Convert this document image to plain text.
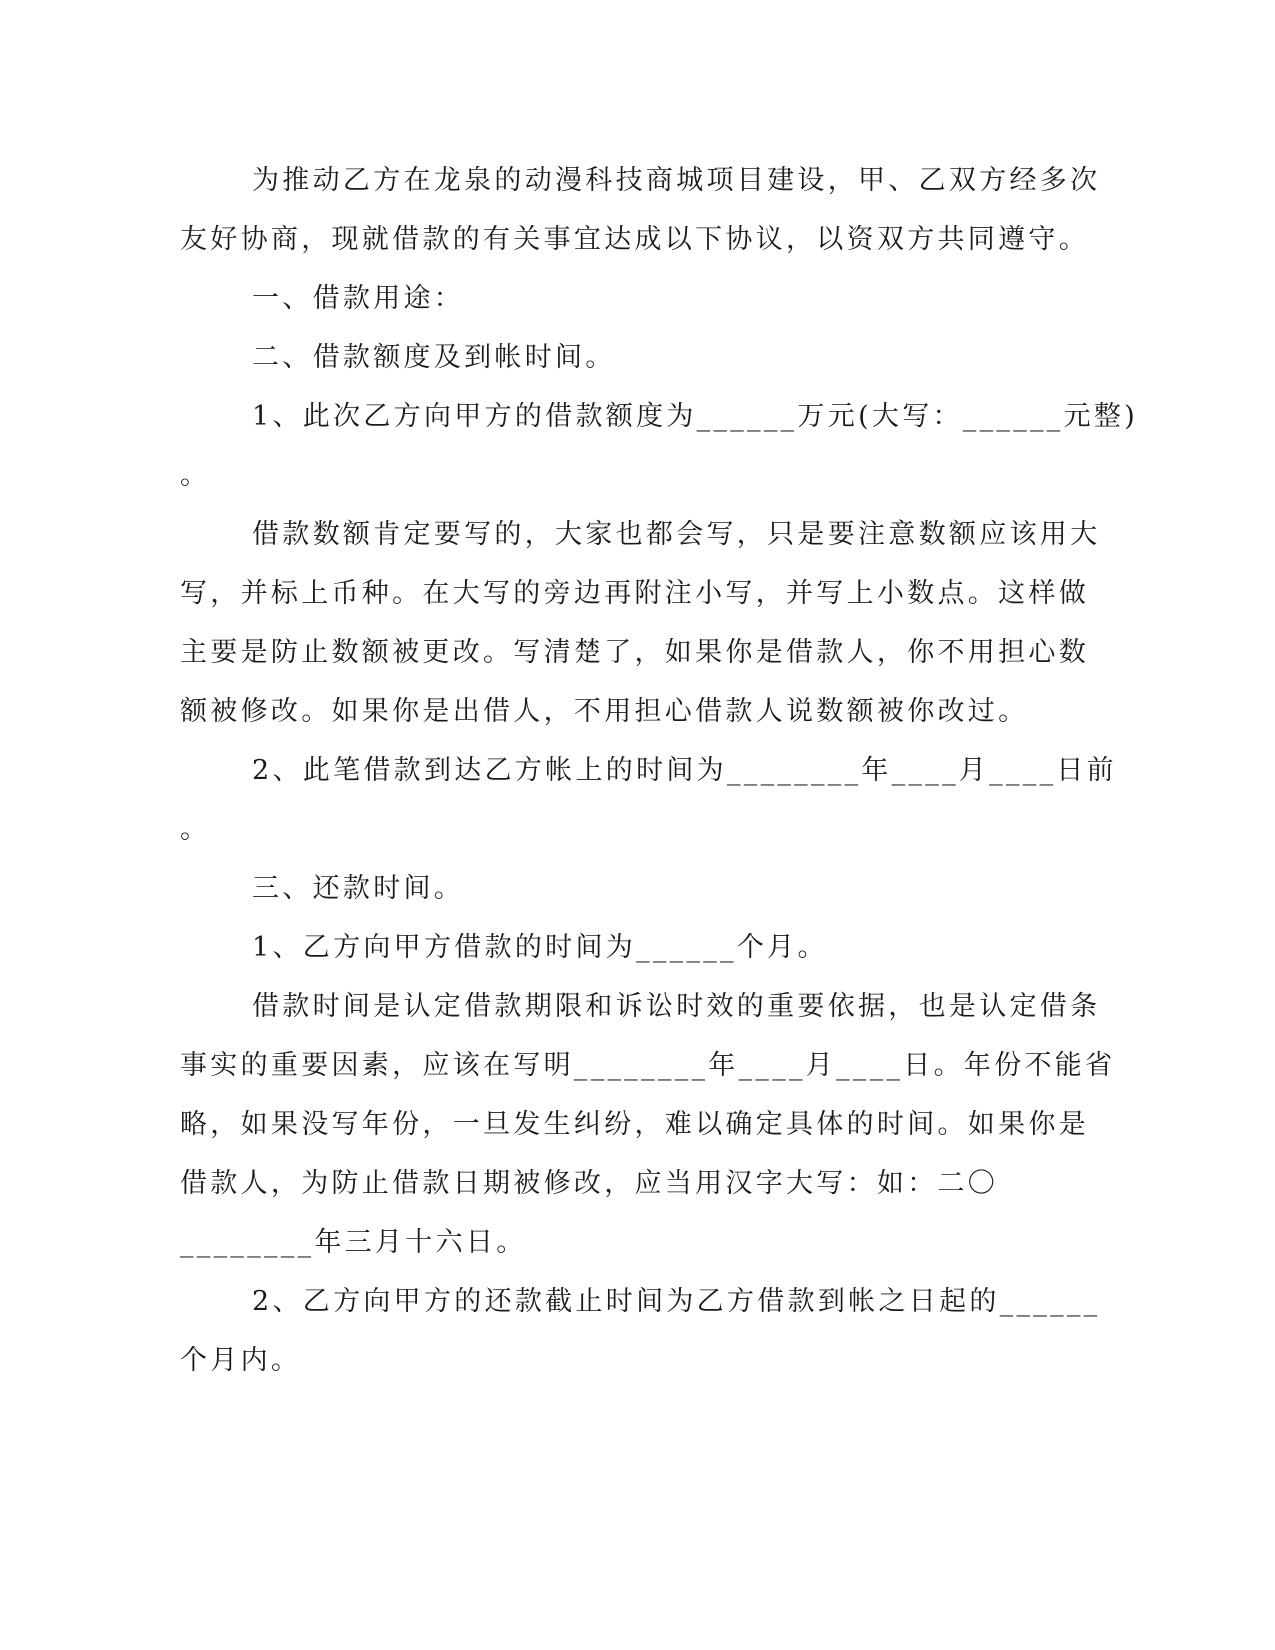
为推动乙方在龙泉的动漫科技商城项目建设，甲、乙双方经多次
友好协商，现就借款的有关事宜达成以下协议，以资双方共同遵守。
一、借款用途：
二、借款额度及到帐时间。
1、此次乙方向甲方的借款额度为______万元(大写：______元整)
。
借款数额肯定要写的，大家也都会写，只是要注意数额应该用大
写，并标上币种。在大写的旁边再附注小写，并写上小数点。这样做
主要是防止数额被更改。写清楚了，如果你是借款人，你不用担心数
额被修改。如果你是出借人，不用担心借款人说数额被你改过。
2、此笔借款到达乙方帐上的时间为________年____月____日前
。
三、还款时间。
1、乙方向甲方借款的时间为______个月。
借款时间是认定借款期限和诉讼时效的重要依据，也是认定借条
事实的重要因素，应该在写明________年____月____日。年份不能省
略，如果没写年份，一旦发生纠纷，难以确定具体的时间。如果你是
借款人，为防止借款日期被修改，应当用汉字大写：如：二〇
________年三月十六日。
2、乙方向甲方的还款截止时间为乙方借款到帐之日起的______
个月内。
